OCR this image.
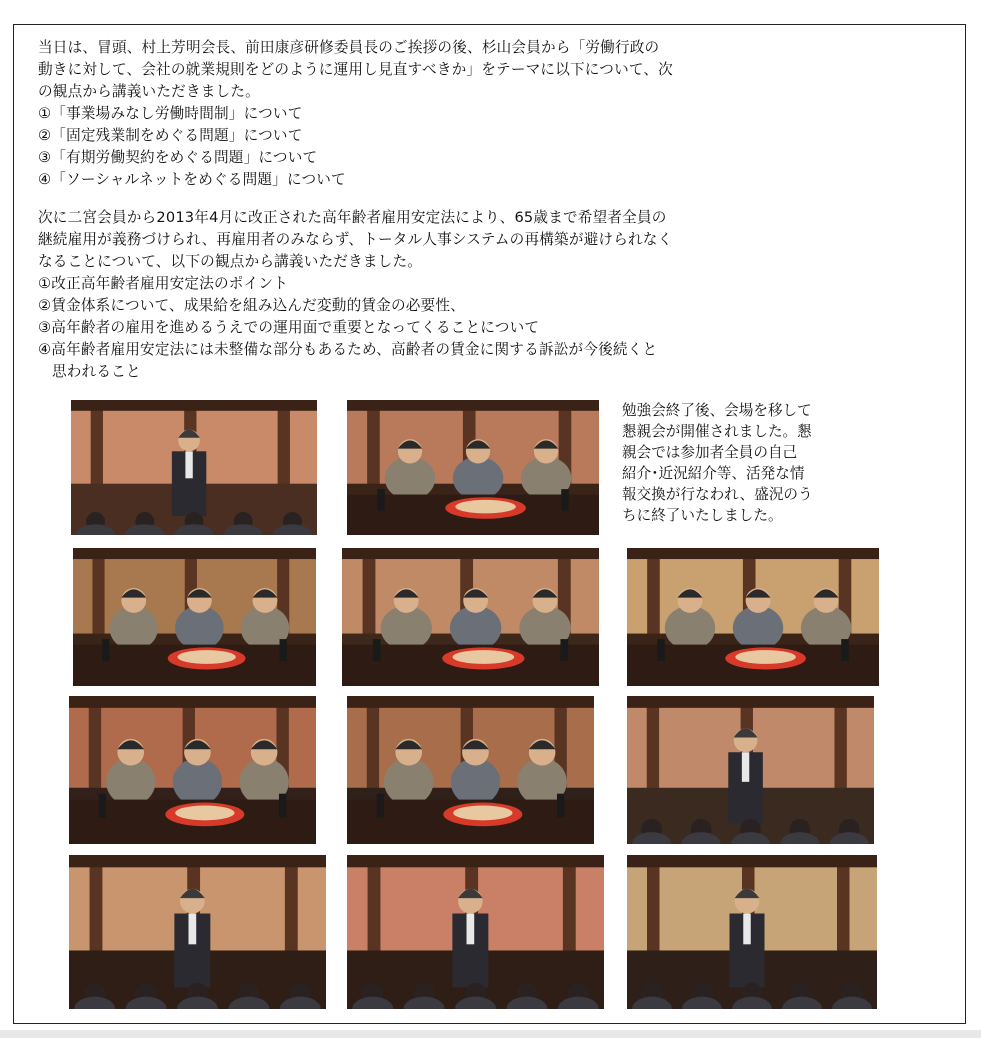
当日は、冒頭、村上芳明会長、前田康彦研修委員長のご挨拶の後、杉山会員から「労働行政の
動きに対して、会社の就業規則をどのように運用し見直すべきか」をテーマに以下について、次
の観点から講義いただきました。
①「事業場みなし労働時間制」について
②「固定残業制をめぐる問題」について
③「有期労働契約をめぐる問題」について
④「ソーシャルネットをめぐる問題」について
次に二宮会員から2013年4月に改正された高年齢者雇用安定法により、65歳まで希望者全員の
継続雇用が義務づけられ、再雇用者のみならず、トータル人事システムの再構築が避けられなく
なることについて、以下の観点から講義いただきました。
①改正高年齢者雇用安定法のポイント
②賃金体系について、成果給を組み込んだ変動的賃金の必要性、
③高年齢者の雇用を進めるうえでの運用面で重要となってくることについて
④高年齢者雇用安定法には未整備な部分もあるため、高齢者の賃金に関する訴訟が今後続くと
思われること
勉強会終了後、会場を移して
懇親会が開催されました。懇
親会では参加者全員の自己
紹介･近況紹介等、活発な情
報交換が行なわれ、盛況のう
ちに終了いたしました。
